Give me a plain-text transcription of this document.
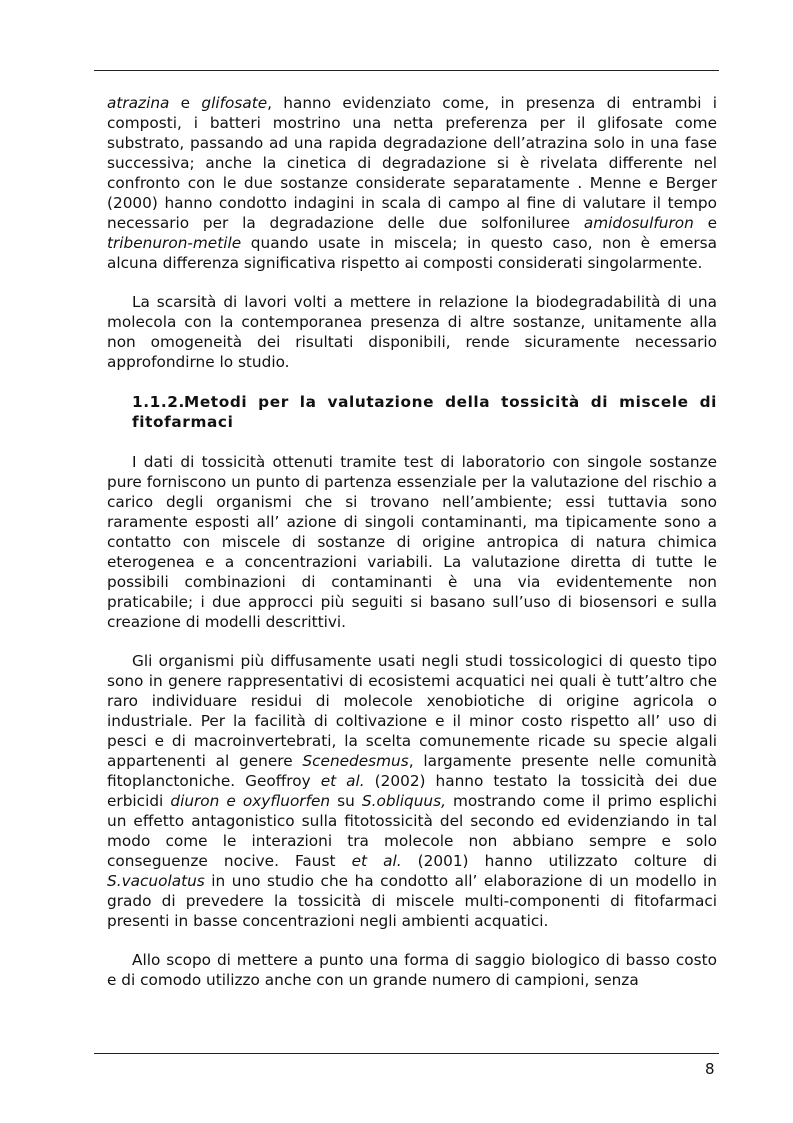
atrazina e glifosate, hanno evidenziato come, in presenza di entrambi i composti, i batteri mostrino una netta preferenza per il glifosate come substrato, passando ad una rapida degradazione dell’atrazina solo in una fase successiva; anche la cinetica di degradazione si è rivelata differente nel confronto con le due sostanze considerate separatamente . Menne e Berger (2000) hanno condotto indagini in scala di campo al fine di valutare il tempo necessario per la degradazione delle due solfoniluree amidosulfuron e tribenuron-metile quando usate in miscela; in questo caso, non è emersa alcuna differenza significativa rispetto ai composti considerati singolarmente.

La scarsità di lavori volti a mettere in relazione la biodegradabilità di una molecola con la contemporanea presenza di altre sostanze, unitamente alla non omogeneità dei risultati disponibili, rende sicuramente necessario approfondirne lo studio.

1.1.2.Metodi per la valutazione della tossicità di miscele di fitofarmaci

I dati di tossicità ottenuti tramite test di laboratorio con singole sostanze pure forniscono un punto di partenza essenziale per la valutazione del rischio a carico degli organismi che si trovano nell’ambiente; essi tuttavia sono raramente esposti all’ azione di singoli contaminanti, ma tipicamente sono a contatto con miscele di sostanze di origine antropica di natura chimica eterogenea e a concentrazioni variabili. La valutazione diretta di tutte le possibili combinazioni di contaminanti è una via evidentemente non praticabile; i due approcci più seguiti si basano sull’uso di biosensori e sulla creazione di modelli descrittivi.

Gli organismi più diffusamente usati negli studi tossicologici di questo tipo sono in genere rappresentativi di ecosistemi acquatici nei quali è tutt’altro che raro individuare residui di molecole xenobiotiche di origine agricola o industriale. Per la facilità di coltivazione e il minor costo rispetto all’ uso di pesci e di macroinvertebrati, la scelta comunemente ricade su specie algali appartenenti al genere Scenedesmus, largamente presente nelle comunità fitoplanctoniche. Geoffroy et al. (2002) hanno testato la tossicità dei due erbicidi diuron e oxyfluorfen su S.obliquus, mostrando come il primo esplichi un effetto antagonistico sulla fitotossicità del secondo ed evidenziando in tal modo come le interazioni tra molecole non abbiano sempre e solo conseguenze nocive. Faust et al. (2001) hanno utilizzato colture di S.vacuolatus in uno studio che ha condotto all’ elaborazione di un modello in grado di prevedere la tossicità di miscele multi-componenti di fitofarmaci presenti in basse concentrazioni negli ambienti acquatici.

Allo scopo di mettere a punto una forma di saggio biologico di basso costo e di comodo utilizzo anche con un grande numero di campioni, senza

8
